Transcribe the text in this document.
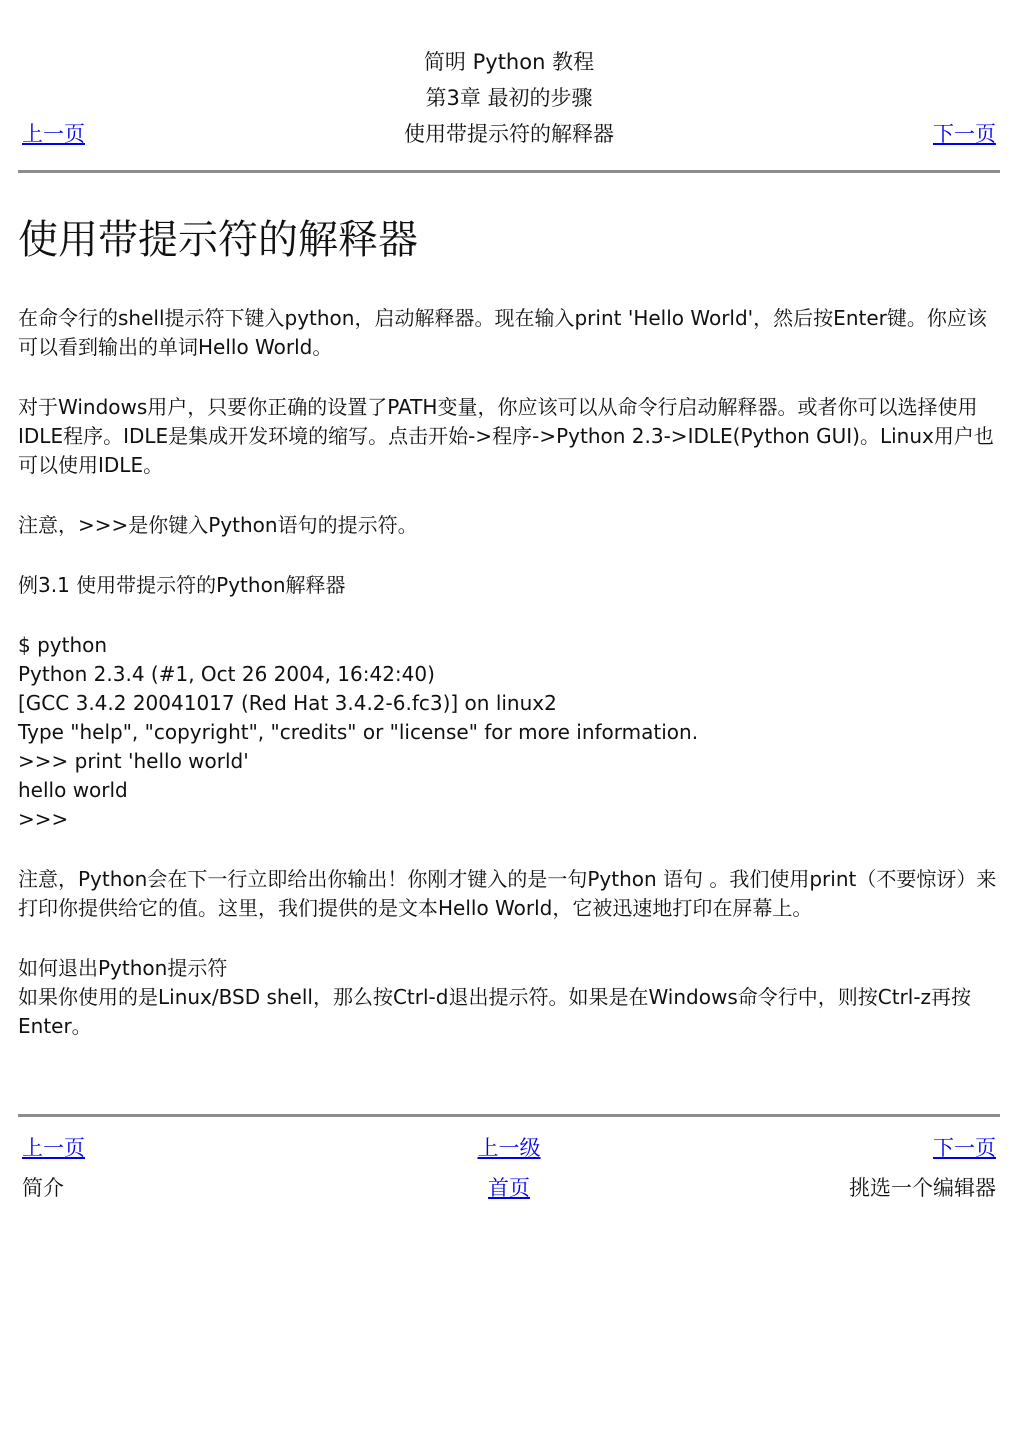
简明 Python 教程
第3章 最初的步骤
上一页	使用带提示符的解释器	下一页
使用带提示符的解释器

在命令行的shell提示符下键入python，启动解释器。现在输入print 'Hello World'，然后按Enter键。你应该可以看到输出的单词Hello World。

对于Windows用户，只要你正确的设置了PATH变量，你应该可以从命令行启动解释器。或者你可以选择使用IDLE程序。IDLE是集成开发环境的缩写。点击开始->程序->Python 2.3->IDLE(Python GUI)。Linux用户也可以使用IDLE。

注意，>>>是你键入Python语句的提示符。

例3.1 使用带提示符的Python解释器

$ python
Python 2.3.4 (#1, Oct 26 2004, 16:42:40)
[GCC 3.4.2 20041017 (Red Hat 3.4.2-6.fc3)] on linux2
Type "help", "copyright", "credits" or "license" for more information.
>>> print 'hello world'
hello world
>>>

注意，Python会在下一行立即给出你输出！你刚才键入的是一句Python 语句 。我们使用print（不要惊讶）来打印你提供给它的值。这里，我们提供的是文本Hello World，它被迅速地打印在屏幕上。

如何退出Python提示符
如果你使用的是Linux/BSD shell，那么按Ctrl-d退出提示符。如果是在Windows命令行中，则按Ctrl-z再按Enter。
上一页	上一级	下一页
简介	首页	挑选一个编辑器
